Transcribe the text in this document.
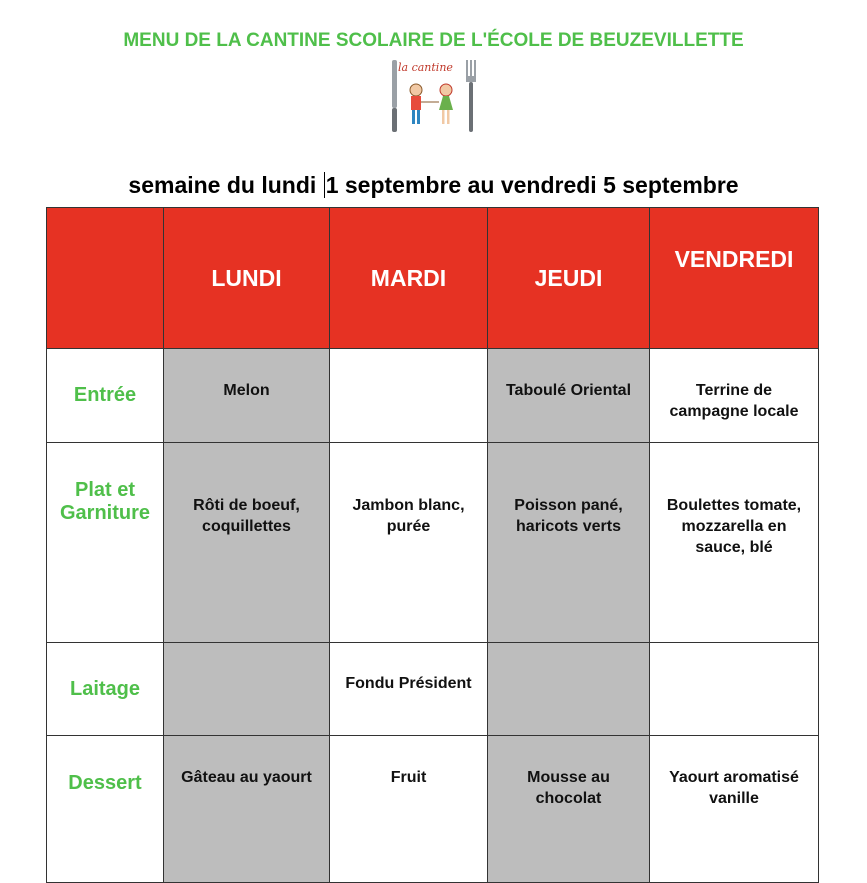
MENU DE LA CANTINE SCOLAIRE DE L'ÉCOLE DE BEUZEVILLETTE
la cantine
semaine du lundi 1 septembre au vendredi 5 septembre
	LUNDI	MARDI	JEUDI	VENDREDI
Entrée	Melon		Taboulé Oriental	Terrine de campagne locale

Plat et Garniture	Rôti de boeuf, coquillettes	Jambon blanc, purée	Poisson pané, haricots verts	Boulettes tomate, mozzarella en sauce, blé

Laitage		Fondu Président		

Dessert	Gâteau au yaourt	Fruit	Mousse au chocolat	Yaourt aromatisé vanille
